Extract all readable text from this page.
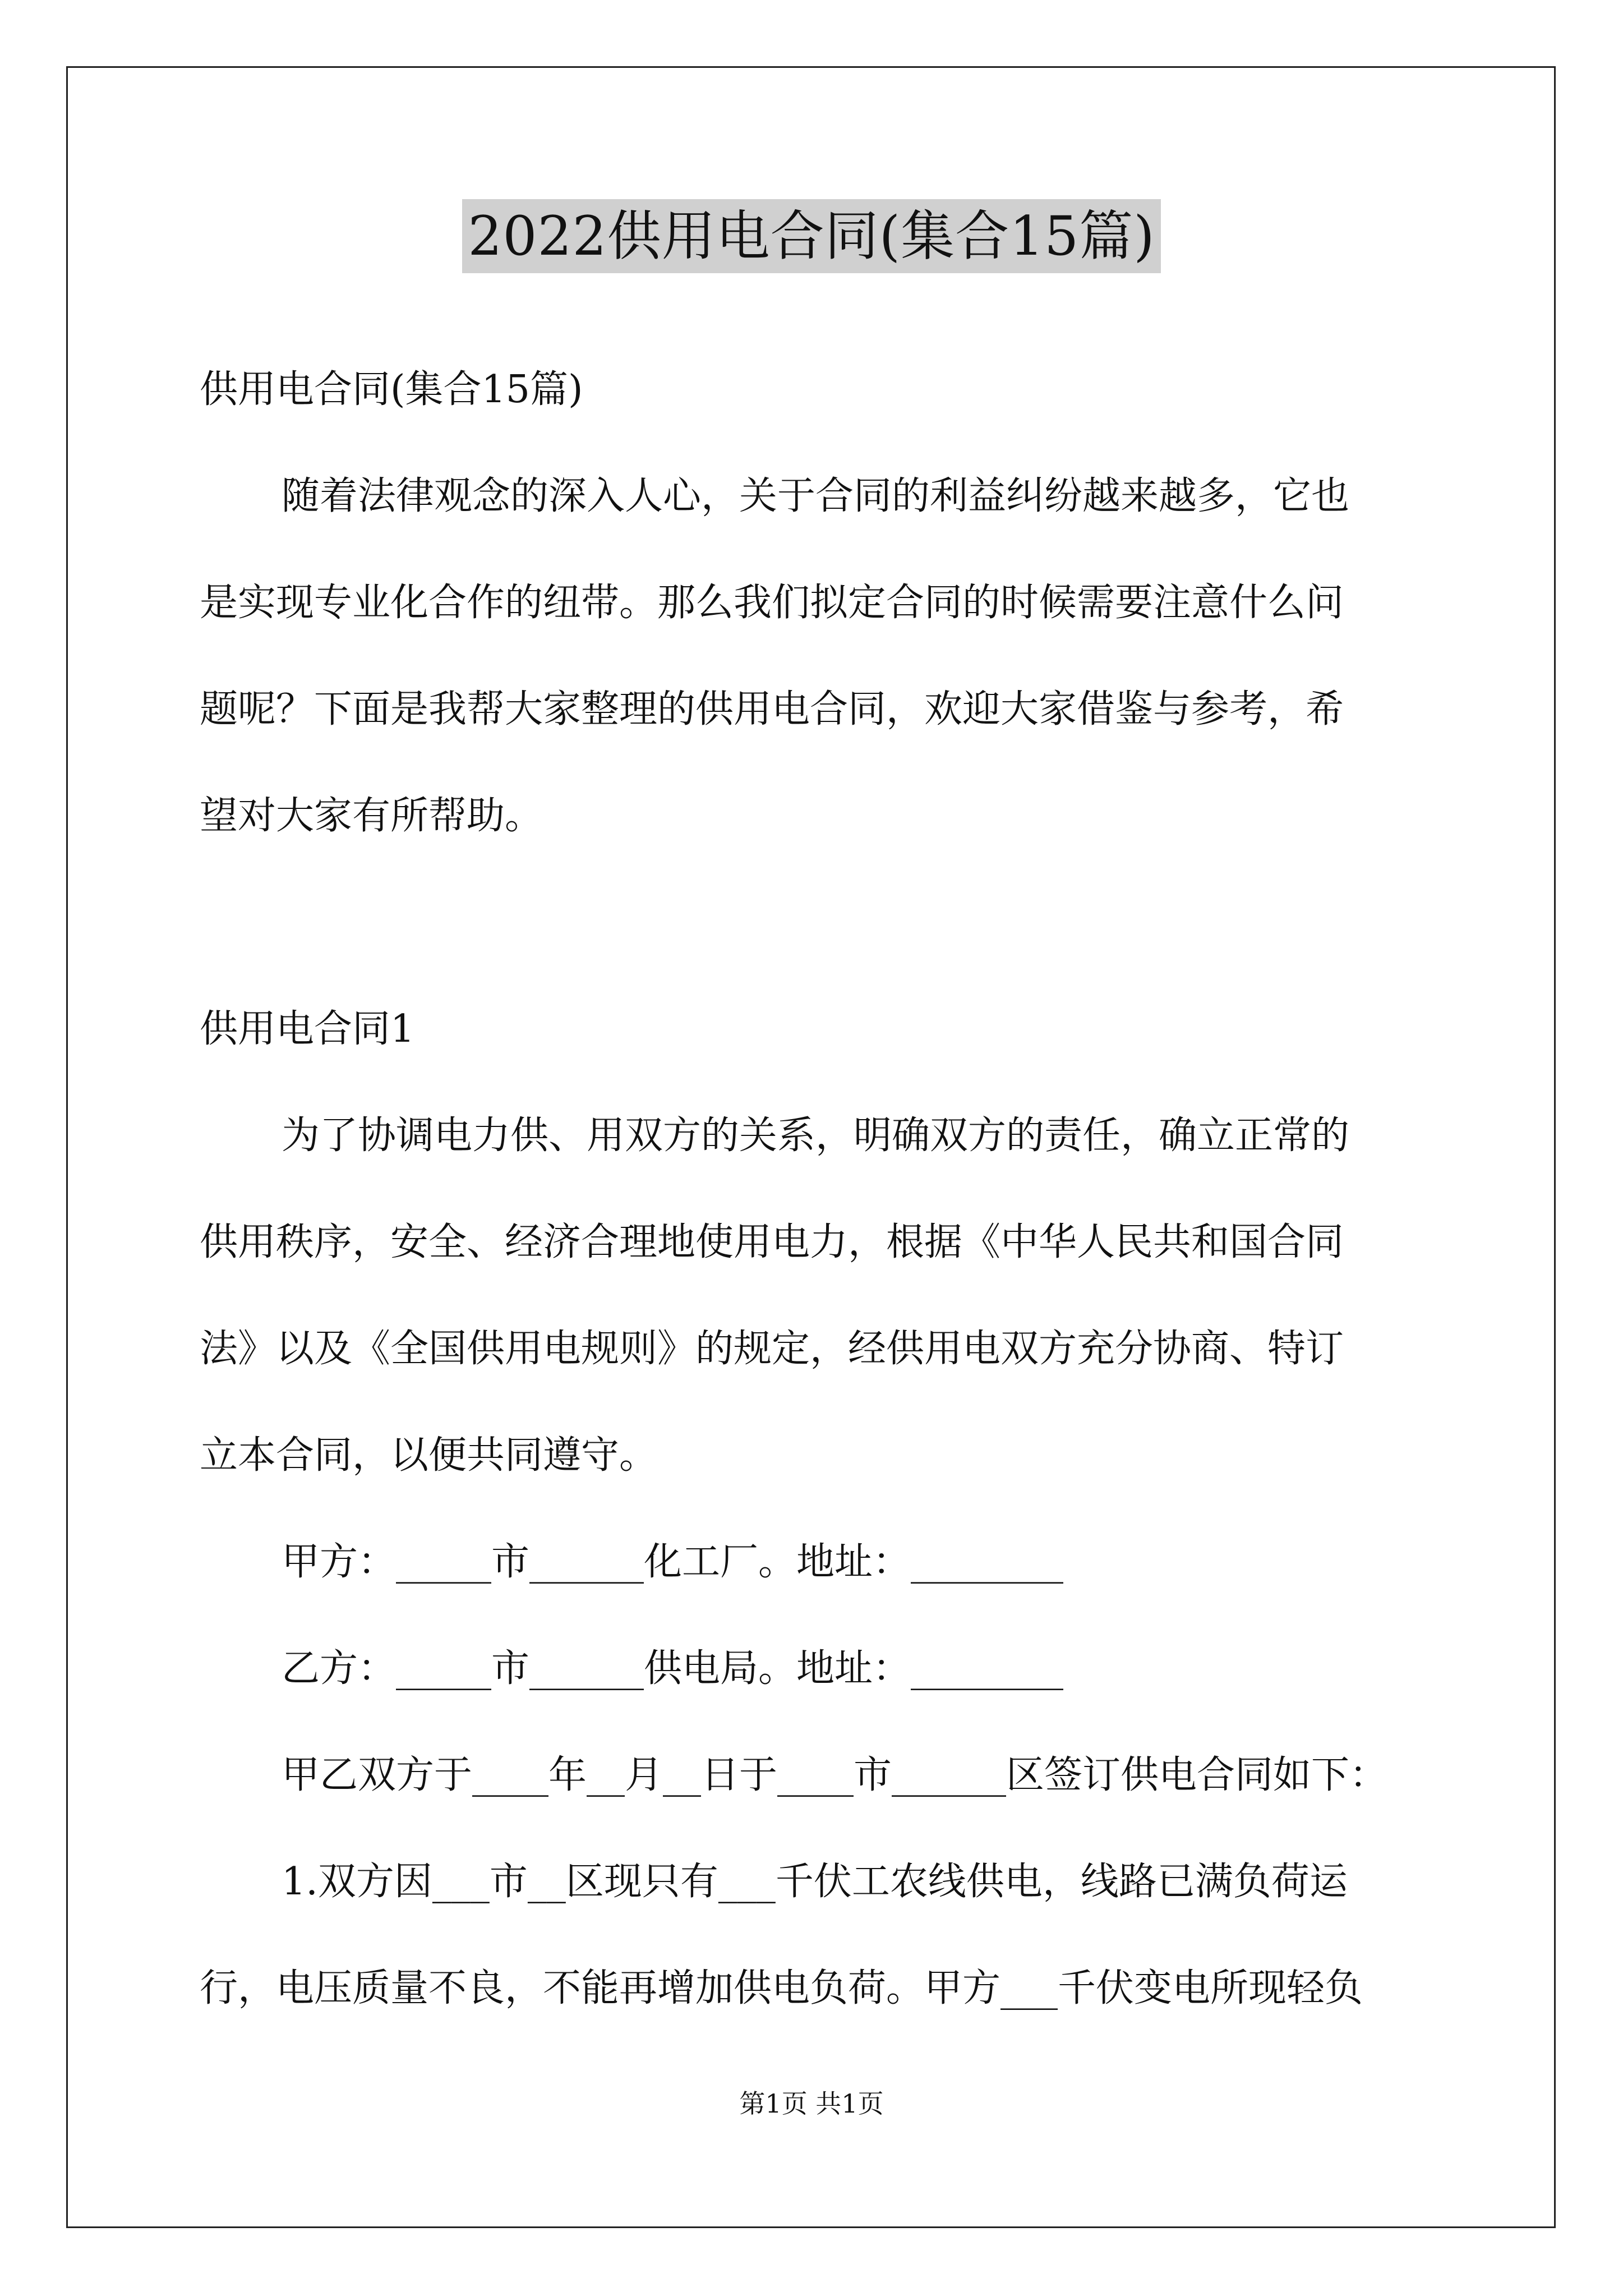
2022供用电合同(集合15篇)
供用电合同(集合15篇)
随着法律观念的深入人心，关于合同的利益纠纷越来越多，它也
是实现专业化合作的纽带。那么我们拟定合同的时候需要注意什么问
题呢？下面是我帮大家整理的供用电合同，欢迎大家借鉴与参考，希
望对大家有所帮助。
供用电合同1
为了协调电力供、用双方的关系，明确双方的责任，确立正常的
供用秩序，安全、经济合理地使用电力，根据《中华人民共和国合同
法》以及《全国供用电规则》的规定，经供用电双方充分协商、特订
立本合同，以便共同遵守。
甲方：_____市______化工厂。地址：________
乙方：_____市______供电局。地址：________
甲乙双方于____年__月__日于____市______区签订供电合同如下：
1.双方因___市__区现只有___千伏工农线供电，线路已满负荷运
行，电压质量不良，不能再增加供电负荷。甲方___千伏变电所现轻负
第1页 共1页
